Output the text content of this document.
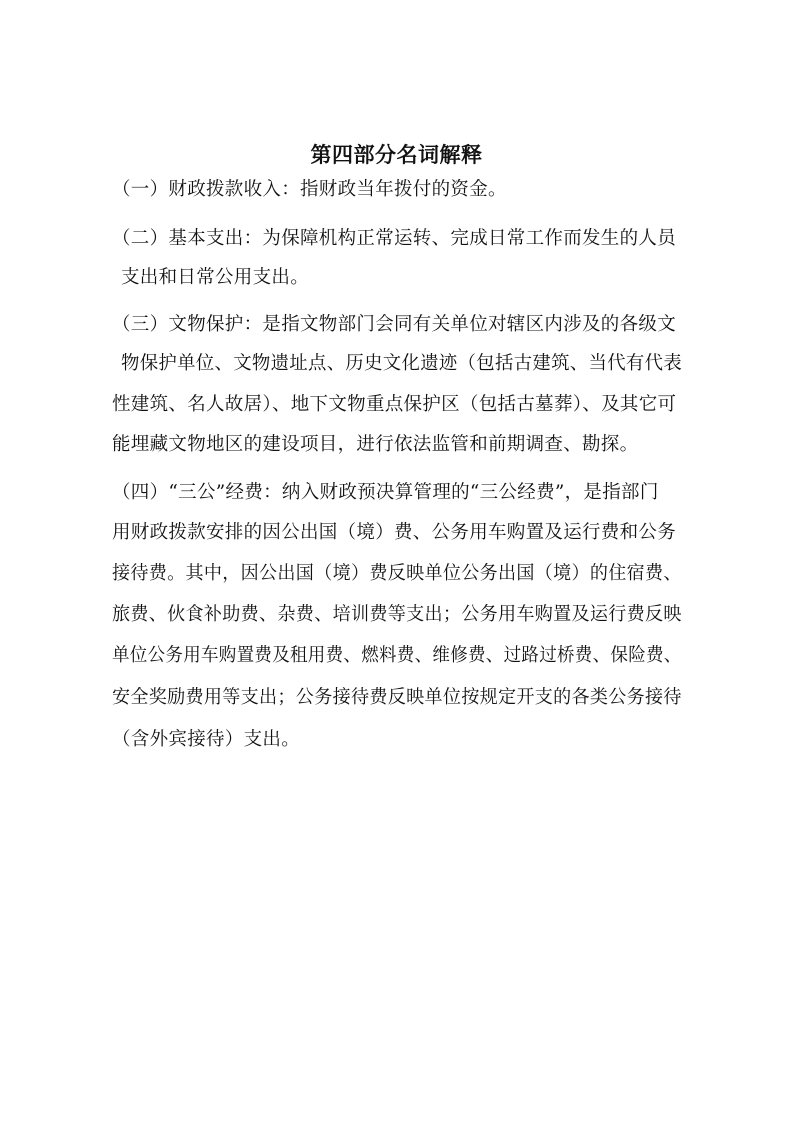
第四部分名词解释
（一）财政拨款收入：指财政当年拨付的资金。
（二）基本支出：为保障机构正常运转、完成日常工作而发生的人员
支出和日常公用支出。
（三）文物保护：是指文物部门会同有关单位对辖区内涉及的各级文
物保护单位、文物遗址点、历史文化遗迹（包括古建筑、当代有代表
性建筑、名人故居）、地下文物重点保护区（包括古墓葬）、及其它可
能埋藏文物地区的建设项目，进行依法监管和前期调查、勘探。
（四）“三公”经费：纳入财政预决算管理的“三公经费”，是指部门
用财政拨款安排的因公出国（境）费、公务用车购置及运行费和公务
接待费。其中，因公出国（境）费反映单位公务出国（境）的住宿费、
旅费、伙食补助费、杂费、培训费等支出；公务用车购置及运行费反映
单位公务用车购置费及租用费、燃料费、维修费、过路过桥费、保险费、
安全奖励费用等支出；公务接待费反映单位按规定开支的各类公务接待
（含外宾接待）支出。
